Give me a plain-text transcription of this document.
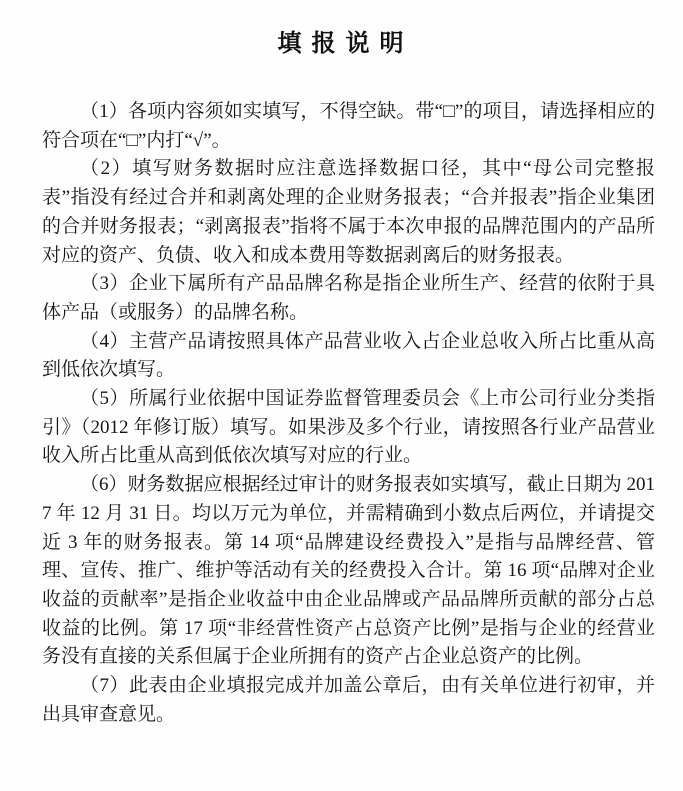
填 报 说 明

（1）各项内容须如实填写，不得空缺。带“□”的项目，请选择相应的符合项在“□”内打“√”。

（2）填写财务数据时应注意选择数据口径，其中“母公司完整报表”指没有经过合并和剥离处理的企业财务报表；“合并报表”指企业集团的合并财务报表；“剥离报表”指将不属于本次申报的品牌范围内的产品所对应的资产、负债、收入和成本费用等数据剥离后的财务报表。

（3）企业下属所有产品品牌名称是指企业所生产、经营的依附于具体产品（或服务）的品牌名称。

（4）主营产品请按照具体产品营业收入占企业总收入所占比重从高到低依次填写。

（5）所属行业依据中国证券监督管理委员会《上市公司行业分类指引》（2012 年修订版）填写。如果涉及多个行业，请按照各行业产品营业收入所占比重从高到低依次填写对应的行业。

（6）财务数据应根据经过审计的财务报表如实填写，截止日期为 2017 年 12 月 31 日。均以万元为单位，并需精确到小数点后两位，并请提交近 3 年的财务报表。第 14 项“品牌建设经费投入”是指与品牌经营、管理、宣传、推广、维护等活动有关的经费投入合计。第 16 项“品牌对企业收益的贡献率”是指企业收益中由企业品牌或产品品牌所贡献的部分占总收益的比例。第 17 项“非经营性资产占总资产比例”是指与企业的经营业务没有直接的关系但属于企业所拥有的资产占企业总资产的比例。

（7）此表由企业填报完成并加盖公章后，由有关单位进行初审，并出具审查意见。
